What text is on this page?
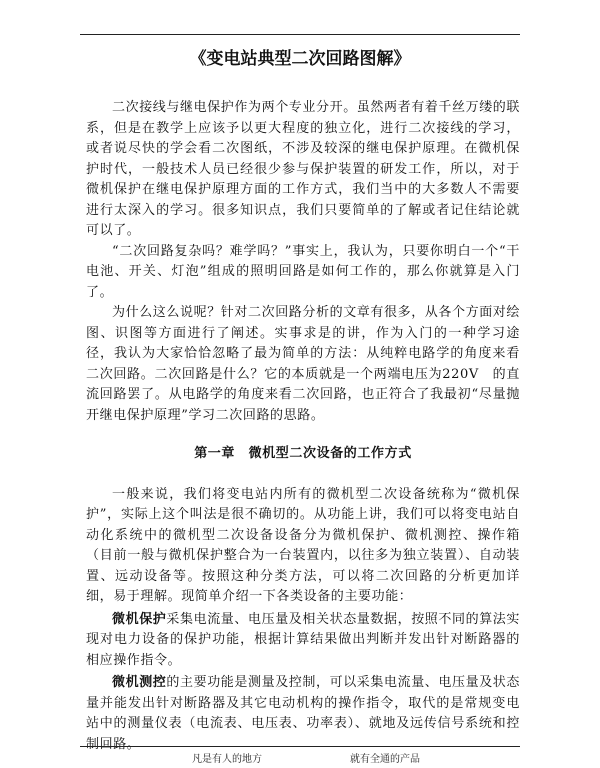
《变电站典型二次回路图解》

二次接线与继电保护作为两个专业分开。虽然两者有着千丝万缕的联系，但是在教学上应该予以更大程度的独立化，进行二次接线的学习，或者说尽快的学会看二次图纸，不涉及较深的继电保护原理。在微机保护时代，一般技术人员已经很少参与保护装置的研发工作，所以，对于微机保护在继电保护原理方面的工作方式，我们当中的大多数人不需要进行太深入的学习。很多知识点，我们只要简单的了解或者记住结论就可以了。

“二次回路复杂吗？难学吗？”事实上，我认为，只要你明白一个“干电池、开关、灯泡”组成的照明回路是如何工作的，那么你就算是入门了。

为什么这么说呢？针对二次回路分析的文章有很多，从各个方面对绘图、识图等方面进行了阐述。实事求是的讲，作为入门的一种学习途径，我认为大家恰恰忽略了最为简单的方法：从纯粹电路学的角度来看二次回路。二次回路是什么？它的本质就是一个两端电压为220V　的直流回路罢了。从电路学的角度来看二次回路，也正符合了我最初“尽量抛开继电保护原理”学习二次回路的思路。

第一章　微机型二次设备的工作方式

一般来说，我们将变电站内所有的微机型二次设备统称为“微机保护”，实际上这个叫法是很不确切的。从功能上讲，我们可以将变电站自动化系统中的微机型二次设备设备分为微机保护、微机测控、操作箱（目前一般与微机保护整合为一台装置内，以往多为独立装置）、自动装置、远动设备等。按照这种分类方法，可以将二次回路的分析更加详细，易于理解。现简单介绍一下各类设备的主要功能：

微机保护采集电流量、电压量及相关状态量数据，按照不同的算法实现对电力设备的保护功能，根据计算结果做出判断并发出针对断路器的相应操作指令。

微机测控的主要功能是测量及控制，可以采集电流量、电压量及状态量并能发出针对断路器及其它电动机构的操作指令，取代的是常规变电站中的测量仪表（电流表、电压表、功率表）、就地及远传信号系统和控制回路。

凡是有人的地方	就有全通的产品
